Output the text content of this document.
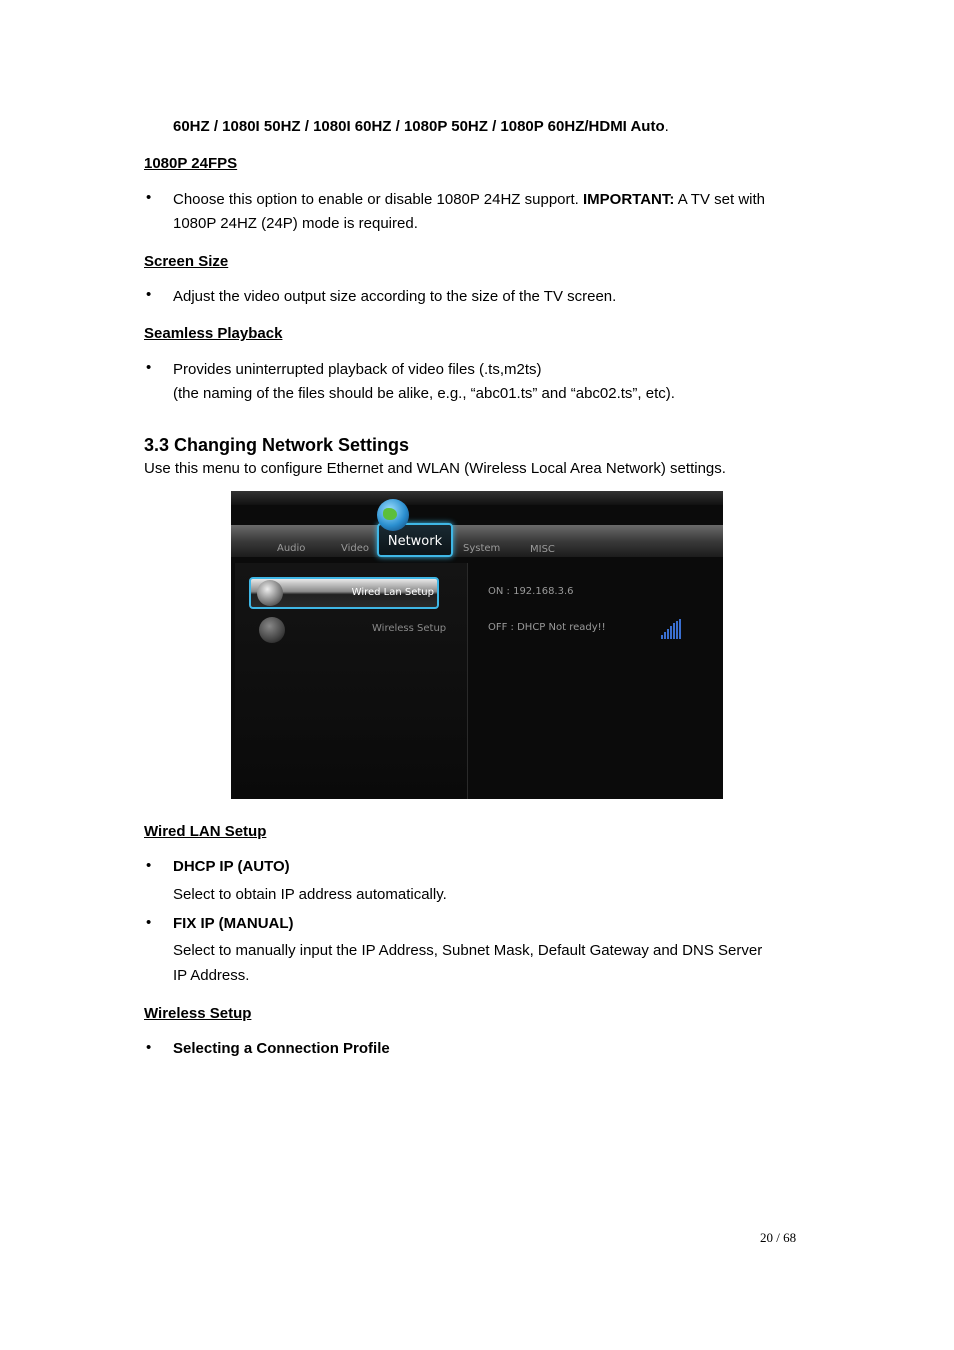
60HZ / 1080I 50HZ / 1080I 60HZ / 1080P 50HZ / 1080P 60HZ/HDMI Auto.
1080P 24FPS
• Choose this option to enable or disable 1080P 24HZ support. IMPORTANT: A TV set with
1080P 24HZ (24P) mode is required.
Screen Size
• Adjust the video output size according to the size of the TV screen.
Seamless Playback
• Provides uninterrupted playback of video files (.ts,m2ts)
(the naming of the files should be alike, e.g., “abc01.ts” and “abc02.ts”, etc).
3.3 Changing Network Settings
Use this menu to configure Ethernet and WLAN (Wireless Local Area Network) settings.
Audio	Video	Network	System	MISC
Wired Lan Setup
Wireless Setup
ON : 192.168.3.6
OFF : DHCP Not ready!!
Wired LAN Setup
• DHCP IP (AUTO)
Select to obtain IP address automatically.
• FIX IP (MANUAL)
Select to manually input the IP Address, Subnet Mask, Default Gateway and DNS Server
IP Address.
Wireless Setup
• Selecting a Connection Profile
20 / 68
